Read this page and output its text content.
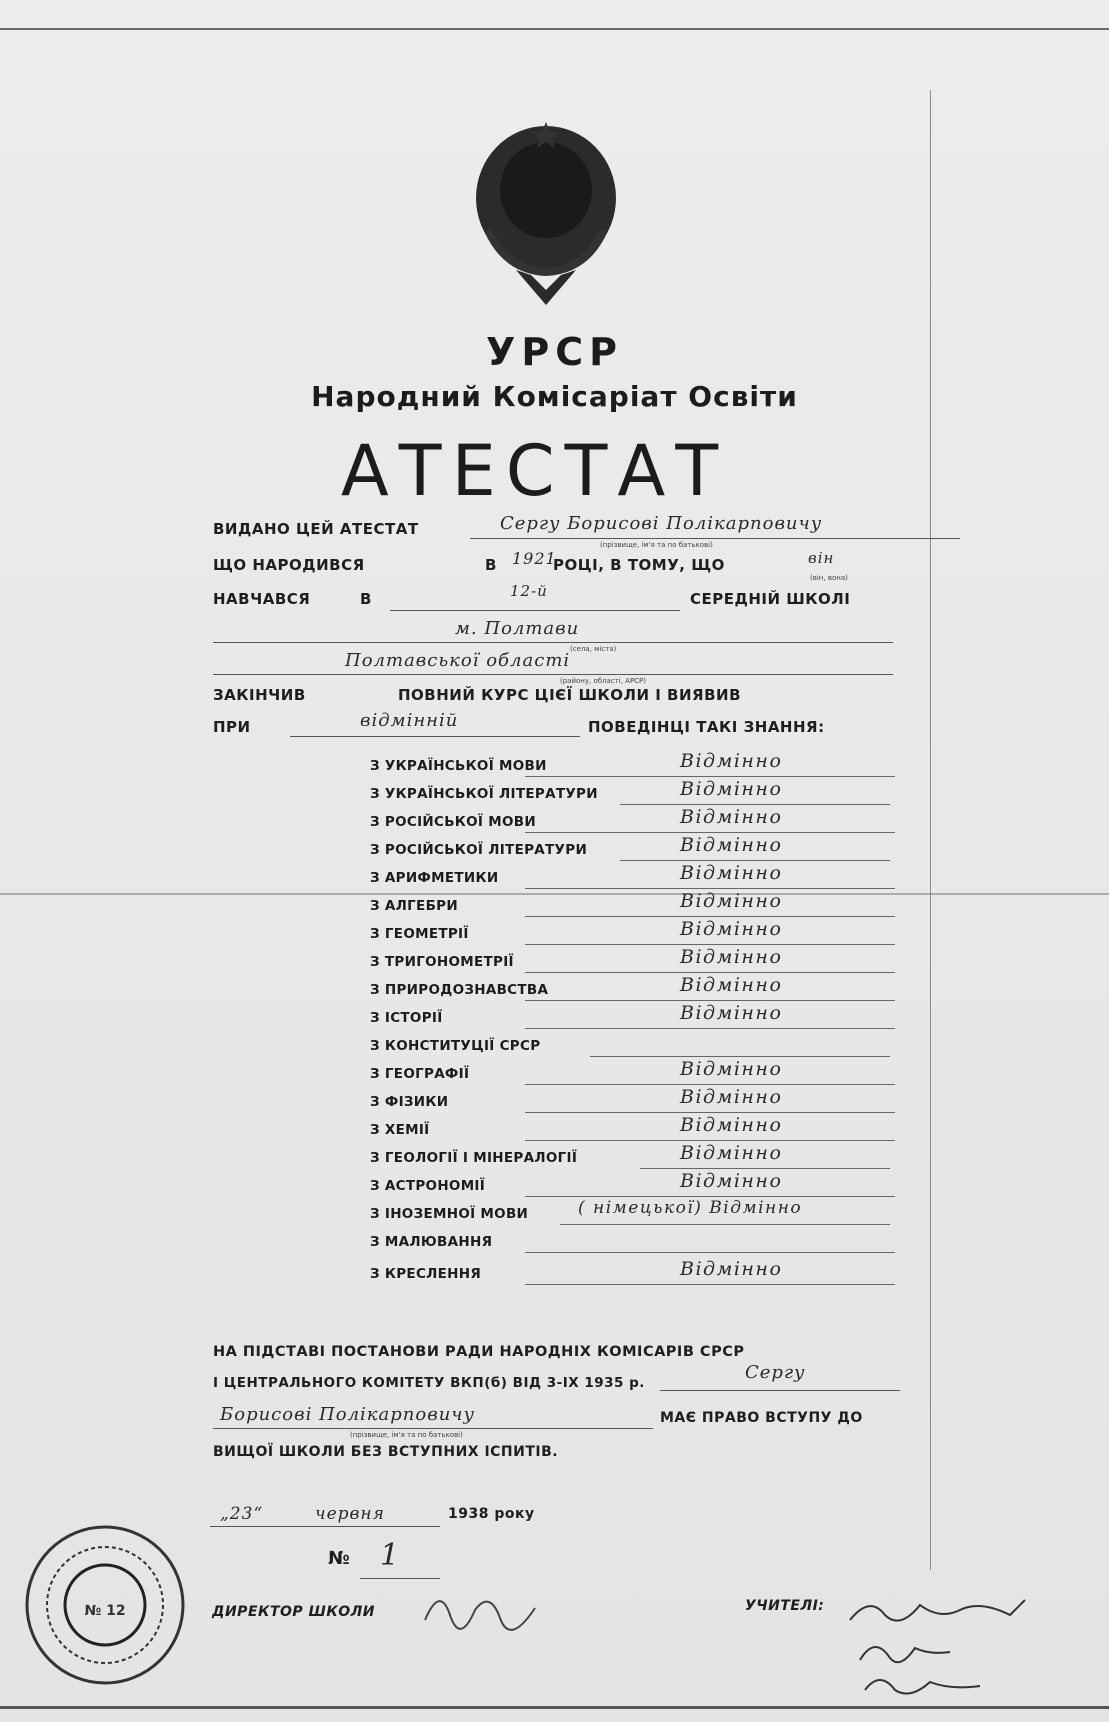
УРСР
Народний Комісаріат Освіти
АТЕСТАТ
ВИДАНО ЦЕЙ АТЕСТАТ	Сергу Борисові Полікарповичу
(прізвище, ім'я та по батькові)
ЩО НАРОДИВСЯ	В 1921
РОЦІ, В ТОМУ, ЩО	він
(він, вона)
НАВЧАВСЯ	В	12-й	СЕРЕДНІЙ ШКОЛІ
м. Полтави
(села, міста)
Полтавської області
(району, області, АРСР)
ЗАКІНЧИВ	ПОВНИЙ КУРС ЦІЄЇ ШКОЛИ І ВИЯВИВ
ПРИ	відмінній	ПОВЕДІНЦІ ТАКІ ЗНАННЯ:
З УКРАЇНСЬКОЇ МОВИ	Відмінно
З УКРАЇНСЬКОЇ ЛІТЕРАТУРИ	Відмінно
З РОСІЙСЬКОЇ МОВИ	Відмінно
З РОСІЙСЬКОЇ ЛІТЕРАТУРИ	Відмінно
З АРИФМЕТИКИ	Відмінно
З АЛГЕБРИ	Відмінно
З ГЕОМЕТРІЇ	Відмінно
З ТРИГОНОМЕТРІЇ	Відмінно
З ПРИРОДОЗНАВСТВА	Відмінно
З ІСТОРІЇ	Відмінно
З КОНСТИТУЦІЇ СРСР
З ГЕОГРАФІЇ	Відмінно
З ФІЗИКИ	Відмінно
З ХЕМІЇ	Відмінно
З ГЕОЛОГІЇ І МІНЕРАЛОГІЇ	Відмінно
З АСТРОНОМІЇ	Відмінно
З ІНОЗЕМНОЇ МОВИ	( німецької) Відмінно
З МАЛЮВАННЯ
З КРЕСЛЕННЯ	Відмінно
НА ПІДСТАВІ ПОСТАНОВИ РАДИ НАРОДНІХ КОМІСАРІВ СРСР
І ЦЕНТРАЛЬНОГО КОМІТЕТУ ВКП(б) ВІД 3-IX 1935 р.	Сергу
Борисові Полікарповичу
(прізвище, ім'я та по батькові)
МАЄ ПРАВО ВСТУПУ ДО
ВИЩОЇ ШКОЛИ БЕЗ ВСТУПНИХ ІСПИТІВ.
„23“	червня	1938 року
№ 1
ДИРЕКТОР ШКОЛИ	УЧИТЕЛІ:
№ 12
